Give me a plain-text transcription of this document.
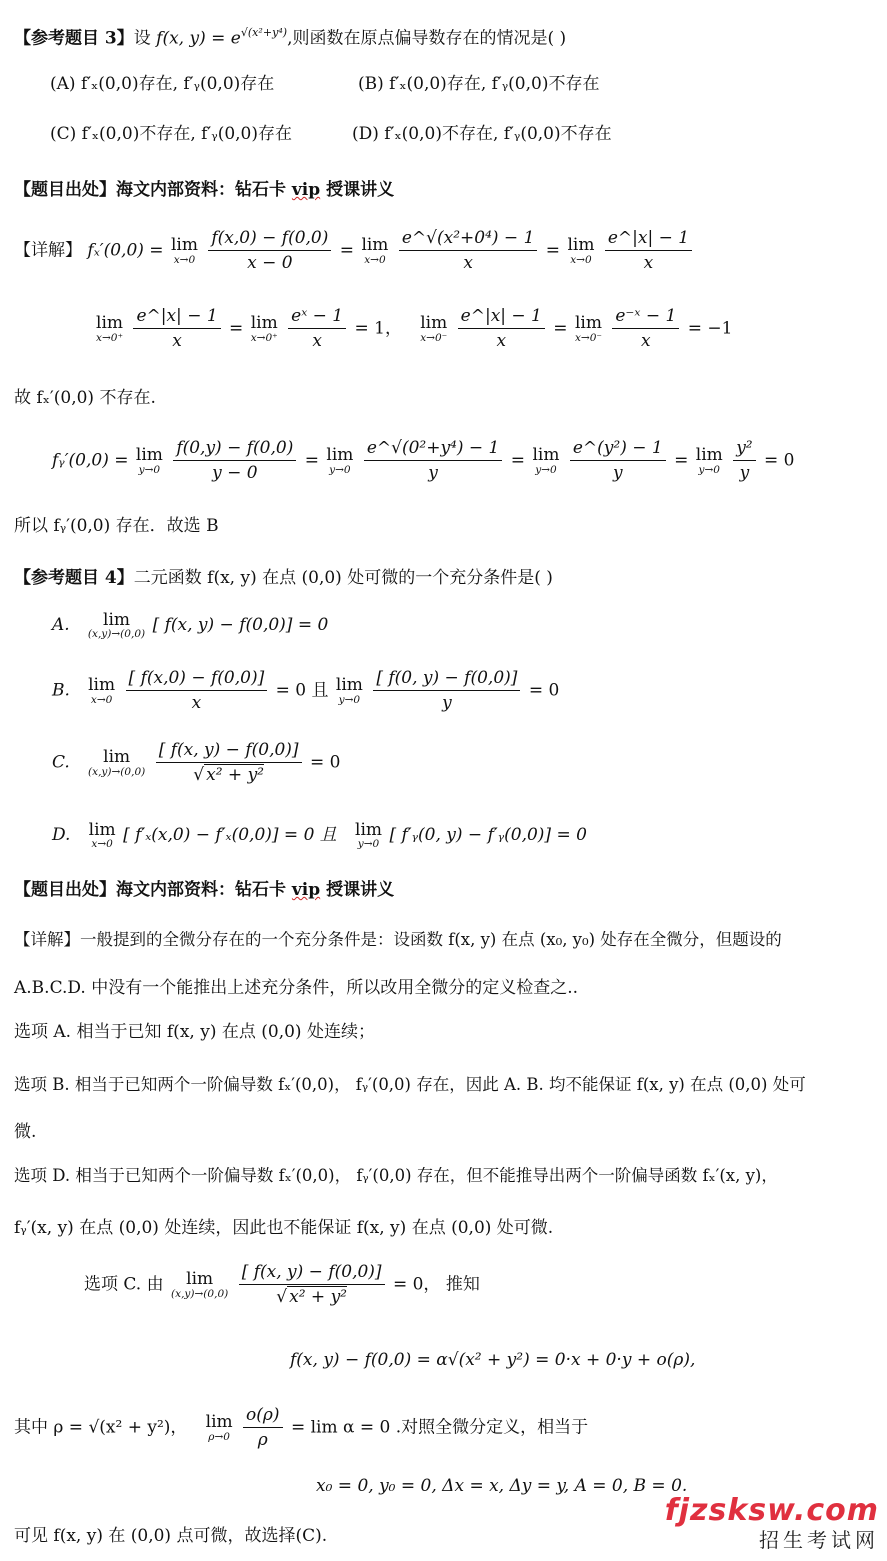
【参考题目 3】设 f(x, $y) = e^{√(x^2+y^4)}$,则函数在原点偏导数存在的情况是( )
(A) f′ₓ(0,0)存在, f′ᵧ(0,0)存在	(B) f′ₓ(0,0)存在, f′ᵧ(0,0)不存在
(C) f′ₓ(0,0)不存在, f′ᵧ(0,0)存在	(D) f′ₓ(0,0)不存在, f′ᵧ(0,0)不存在
【题目出处】海文内部资料：钻石卡 vip 授课讲义
【详解】 fₓ′(0,0) = lim
x→0
$\frac{f(x,0) - f(0,0)}{x - 0} = \lim$
x→0
$\frac{\text{e\textasciicircum{}√(x²+0⁴) − 1}}{x} = \lim$
x→0
$\frac{e\^{}|x| - 1}{x}$
lim
x→0⁺
$\frac{e\^{}|x| - 1}{x} = \lim$
x→0⁺
$\frac{\text{eˣ − 1}}{x} = 1$， lim
x→0⁻
$\frac{e\^{}|x| - 1}{x} = \lim$
x→0⁻
$\frac{\text{e⁻ˣ − 1}}{x} = -1$
故 fₓ′(0,0) 不存在.
fᵧ′(0,0) = lim
y→0
$\frac{f(0,y) - f(0,0)}{y - 0} = \lim$
y→0
$\frac{\text{e\textasciicircum{}√(0²+y⁴) − 1}}{y} = \lim$
y→0
$\frac{\text{e\textasciicircum{}(y²) − 1}}{y} = \lim$
y→0
$\frac{\text{y²}}{y} = 0$
所以 fᵧ′(0,0) 存在．故选 B
【参考题目 4】二元函数 f(x, y) 在点 (0,0) 处可微的一个充分条件是( )
A. lim
(x,y)→(0,0) [ f(x, y) − f(0,0)] = 0
B. lim
x→0
$\frac{[ f(x,0) - f(0,0)]}{x} = 0$ 且 lim
y→0
$\frac{[ f(0, y) - f(0,0)]}{y} = 0$
C. lim
(x,y)→(0,0)
$\frac{[ f(x, y) - f(0,0)]}{\text{√ x² + y²}} = 0$
D. lim
x→0 [ f′ₓ(x,0) − f′ₓ(0,0)] = 0 且 lim
y→0 [ f′ᵧ(0, y) − f′ᵧ(0,0)] = 0
【题目出处】海文内部资料：钻石卡 vip 授课讲义
【详解】一般提到的全微分存在的一个充分条件是：设函数 f(x, y) 在点 (x₀, y₀) 处存在全微分，但题设的
A.B.C.D. 中没有一个能推出上述充分条件，所以改用全微分的定义检查之..
选项 A. 相当于已知 f(x, y) 在点 (0,0) 处连续；
选项 B. 相当于已知两个一阶偏导数 fₓ′(0,0)， fᵧ′(0,0) 存在，因此 A. B. 均不能保证 f(x, y) 在点 (0,0) 处可
微.
选项 D. 相当于已知两个一阶偏导数 fₓ′(0,0)， fᵧ′(0,0) 存在，但不能推导出两个一阶偏导函数 fₓ′(x, y)，
fᵧ′(x, y) 在点 (0,0) 处连续，因此也不能保证 f(x, y) 在点 (0,0) 处可微.
选项 C. 由 lim
(x,y)→(0,0)
$\frac{[ f(x, y) - f(0,0)]}{\text{√ x² + y²}} = 0$， 推知
f(x, y) − f(0,0) = α√(x² + y²) = 0·x + 0·y + o(ρ),
其中 ρ = √(x² + y²)， lim
ρ→0
$\frac{o(\rho)}{\rho} = \lim \alpha = 0$ .对照全微分定义，相当于
x₀ = 0, y₀ = 0, Δx = x, Δy = y, A = 0, B = 0.
可见 f(x, y) 在 (0,0) 点可微，故选择(C).
fjzsksw.com
招生考试网
